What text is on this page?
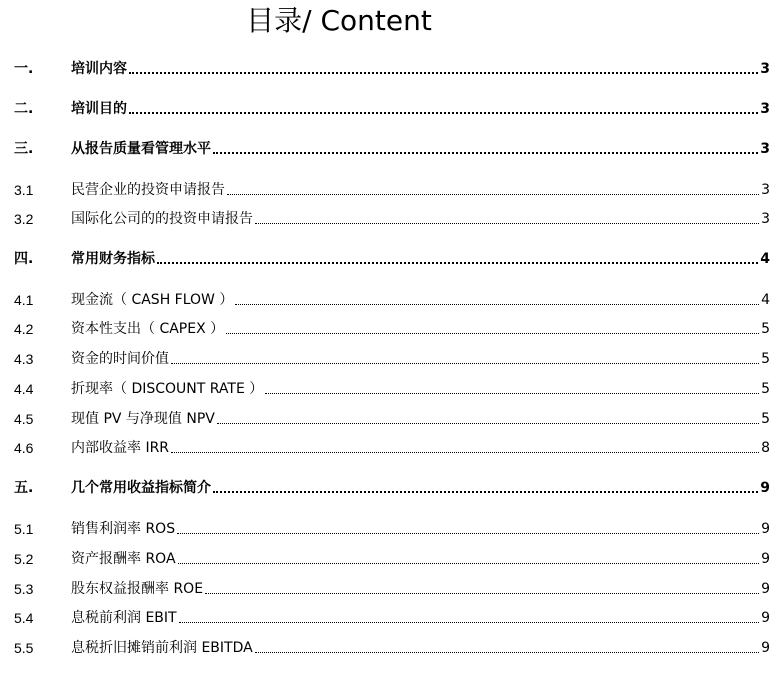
目录/ Content
一.	培训内容	3
二.	培训目的	3
三.	从报告质量看管理水平	3
3.1	民营企业的投资申请报告	3
3.2	国际化公司的的投资申请报告	3
四.	常用财务指标	4
4.1	现金流（ CASH FLOW ）	4
4.2	资本性支出（ CAPEX ）	5
4.3	资金的时间价值	5
4.4	折现率（ DISCOUNT RATE ）	5
4.5	现值 PV 与净现值 NPV	5
4.6	内部收益率 IRR	8
五.	几个常用收益指标简介	9
5.1	销售利润率 ROS	9
5.2	资产报酬率 ROA	9
5.3	股东权益报酬率 ROE	9
5.4	息税前利润 EBIT	9
5.5	息税折旧摊销前利润 EBITDA	9
